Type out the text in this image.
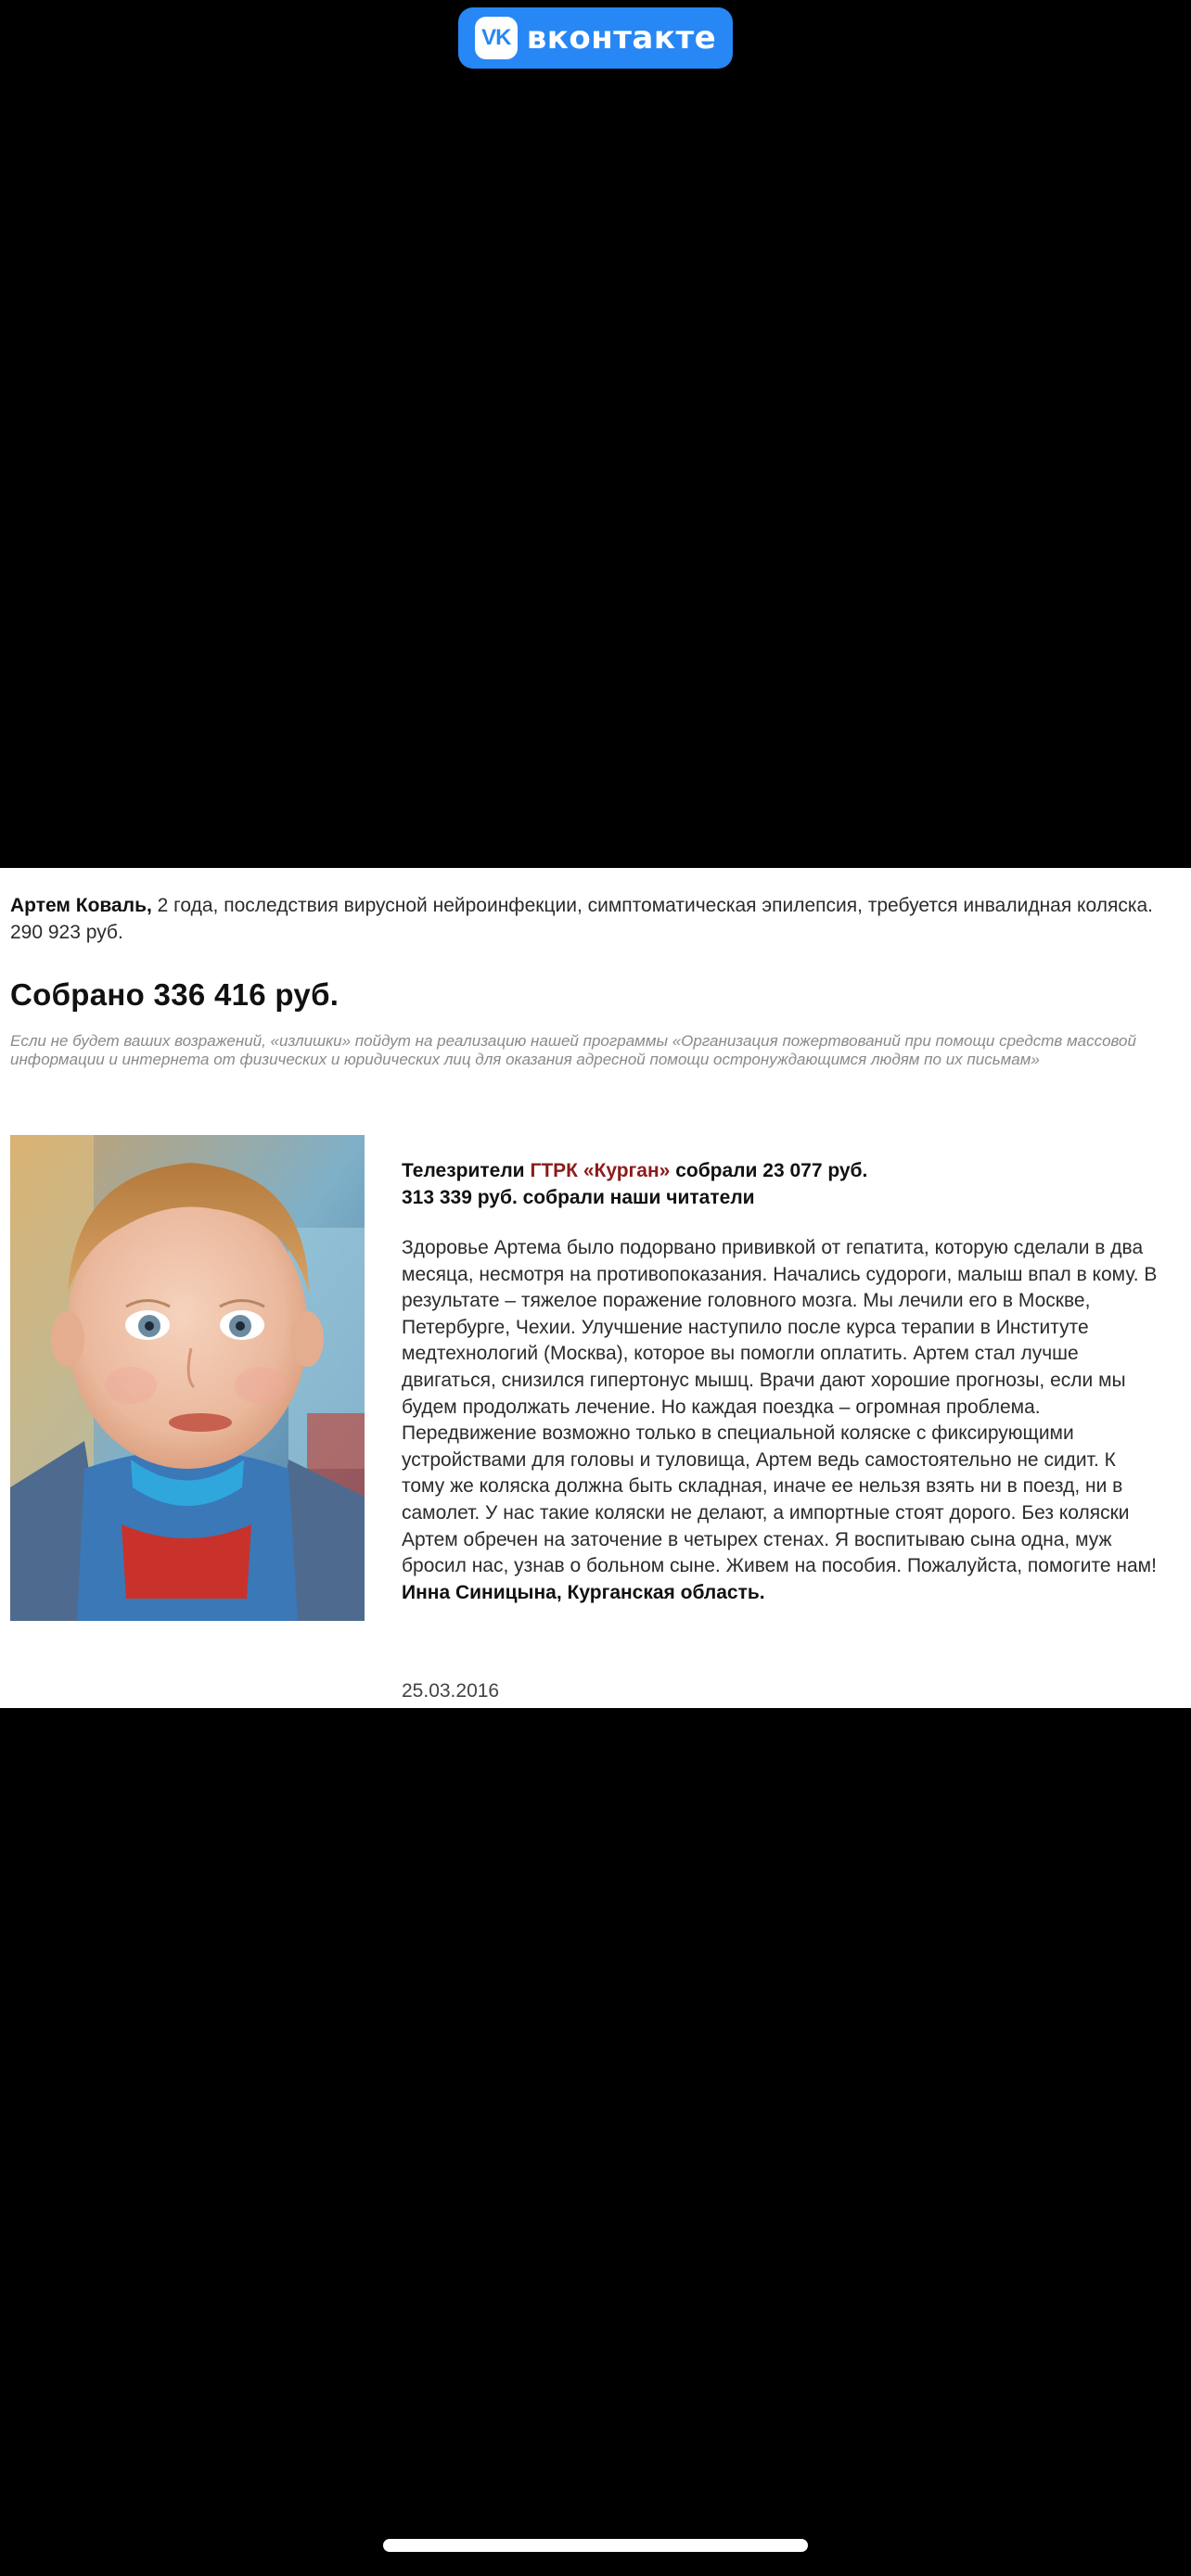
VK вконтакте
Артем Коваль, 2 года, последствия вирусной нейроинфекции, симптоматическая эпилепсия, требуется инвалидная коляска. 290 923 руб.
Собрано 336 416 руб.
Если не будет ваших возражений, «излишки» пойдут на реализацию нашей программы «Организация пожертвований при помощи средств массовой информации и интернета от физических и юридических лиц для оказания адресной помощи остронуждающимся людям по их письмам»
Телезрители ГТРК «Курган» собрали 23 077 руб.
313 339 руб. собрали наши читатели
Здоровье Артема было подорвано прививкой от гепатита, которую сделали в два месяца, несмотря на противопоказания. Начались судороги, малыш впал в кому. В результате – тяжелое поражение головного мозга. Мы лечили его в Москве, Петербурге, Чехии. Улучшение наступило после курса терапии в Институте медтехнологий (Москва), которое вы помогли оплатить. Артем стал лучше двигаться, снизился гипертонус мышц. Врачи дают хорошие прогнозы, если мы будем продолжать лечение. Но каждая поездка – огромная проблема. Передвижение возможно только в специальной коляске с фиксирующими устройствами для головы и туловища, Артем ведь самостоятельно не сидит. К тому же коляска должна быть складная, иначе ее нельзя взять ни в поезд, ни в самолет. У нас такие коляски не делают, а импортные стоят дорого. Без коляски Артем обречен на заточение в четырех стенах. Я воспитываю сына одна, муж бросил нас, узнав о больном сыне. Живем на пособия. Пожалуйста, помогите нам! Инна Синицына, Курганская область.
25.03.2016
